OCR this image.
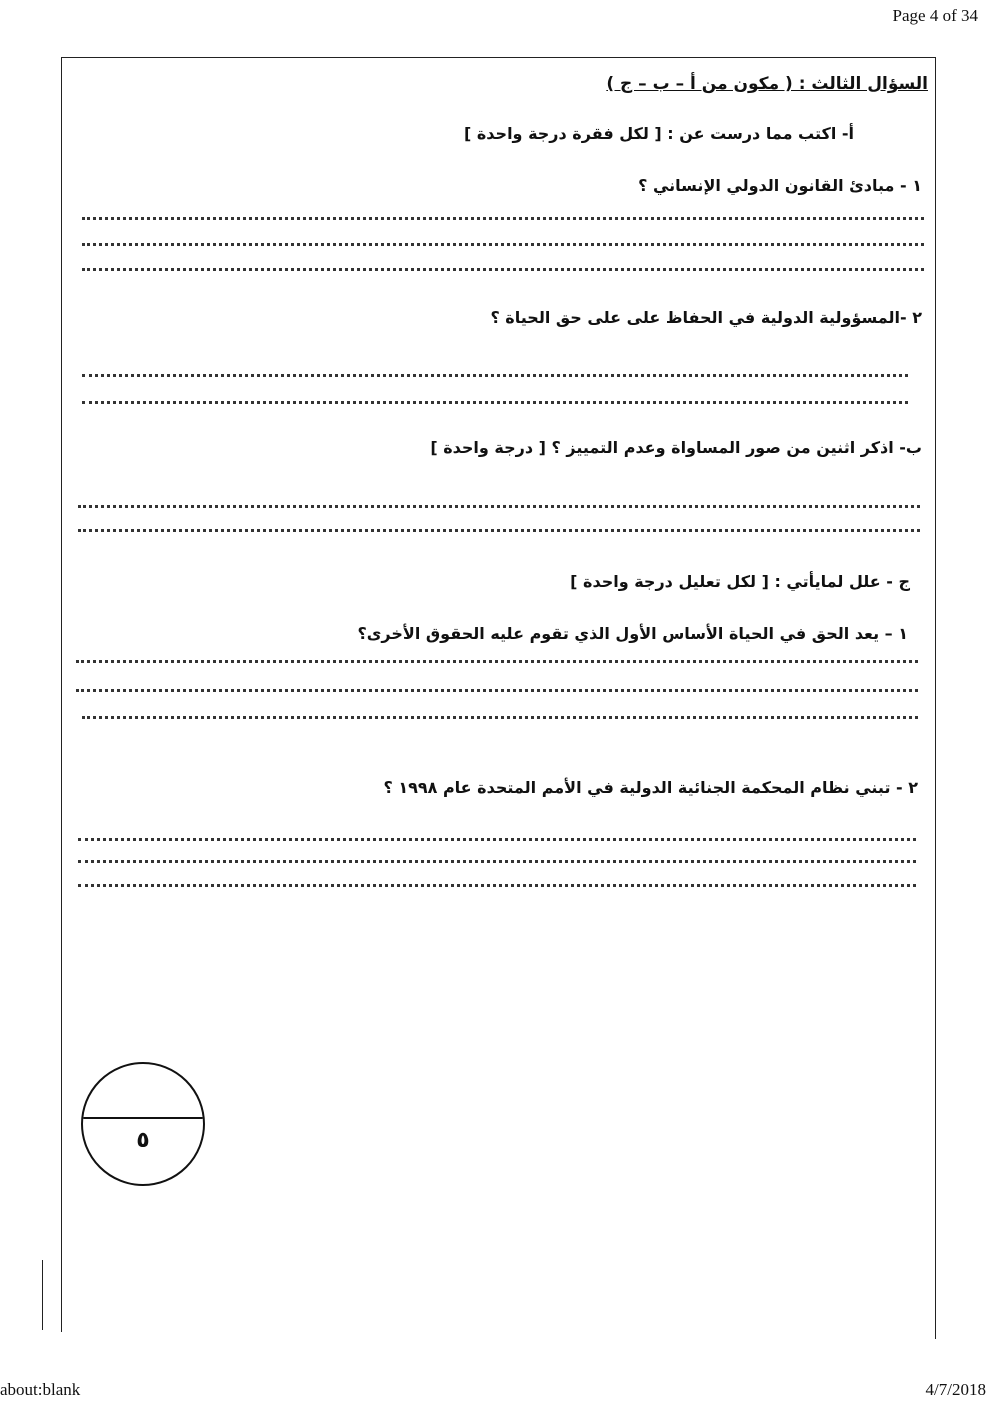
Page 4 of 34
السؤال الثالث : ( مكون من أ – ب – ج )
أ- اكتب مما درست عن : [ لكل فقرة درجة واحدة ]
١ - مبادئ القانون الدولي الإنساني ؟
٢ -المسؤولية الدولية في الحفاظ على على حق الحياة ؟
ب- اذكر اثنين من صور المساواة وعدم التمييز ؟ [ درجة واحدة ]
ج - علل لمايأتي : [ لكل تعليل درجة واحدة ]
١ – يعد الحق في الحياة الأساس الأول الذي تقوم عليه الحقوق الأخرى؟
٢ - تبني نظام المحكمة الجنائية الدولية في الأمم المتحدة عام ١٩٩٨ ؟
٥
about:blank	4/7/2018
